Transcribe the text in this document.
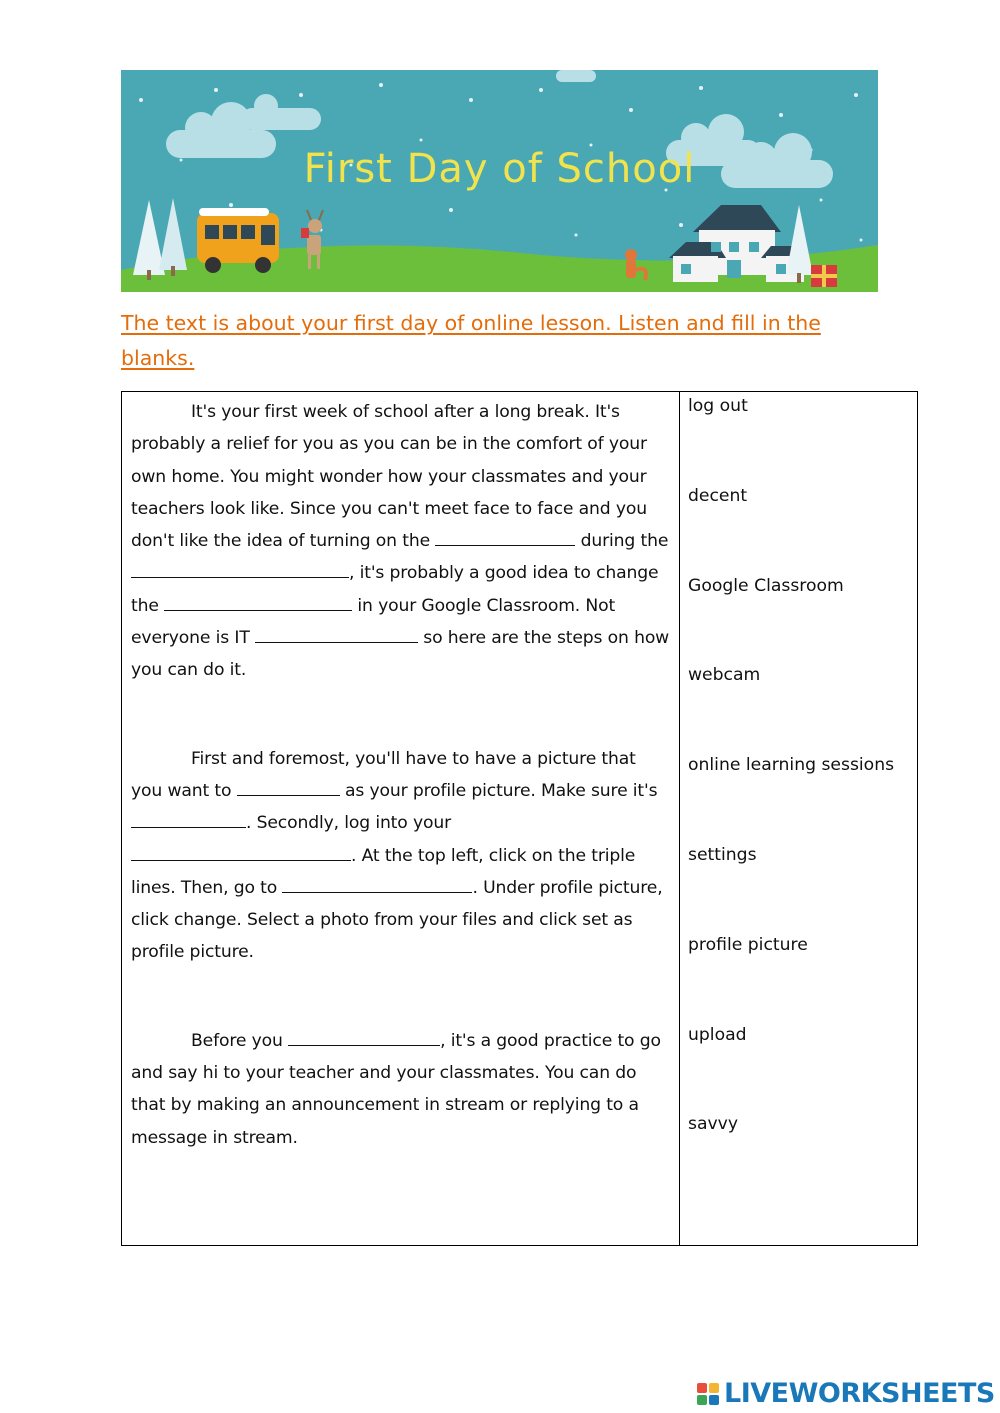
First Day of School

The text is about your first day of online lesson. Listen and fill in the blanks.

It's your first week of school after a long break. It's probably a relief for you as you can be in the comfort of your own home. You might wonder how your classmates and your teachers look like. Since you can't meet face to face and you don't like the idea of turning on the	during the , it's probably a good idea to change the	in your Google Classroom. Not everyone is IT	so here are the steps on how you can do it.

First and foremost, you'll have to have a picture that you want to	as your profile picture. Make sure it's . Secondly, log into your . At the top left, click on the triple lines. Then, go to	. Under profile picture, click change. Select a photo from your files and click set as profile picture.

Before you	, it's a good practice to go and say hi to your teacher and your classmates. You can do that by making an announcement in stream or replying to a message in stream.

log out

decent

Google Classroom

webcam

online learning sessions

settings

profile picture

upload

savvy

LIVEWORKSHEETS
